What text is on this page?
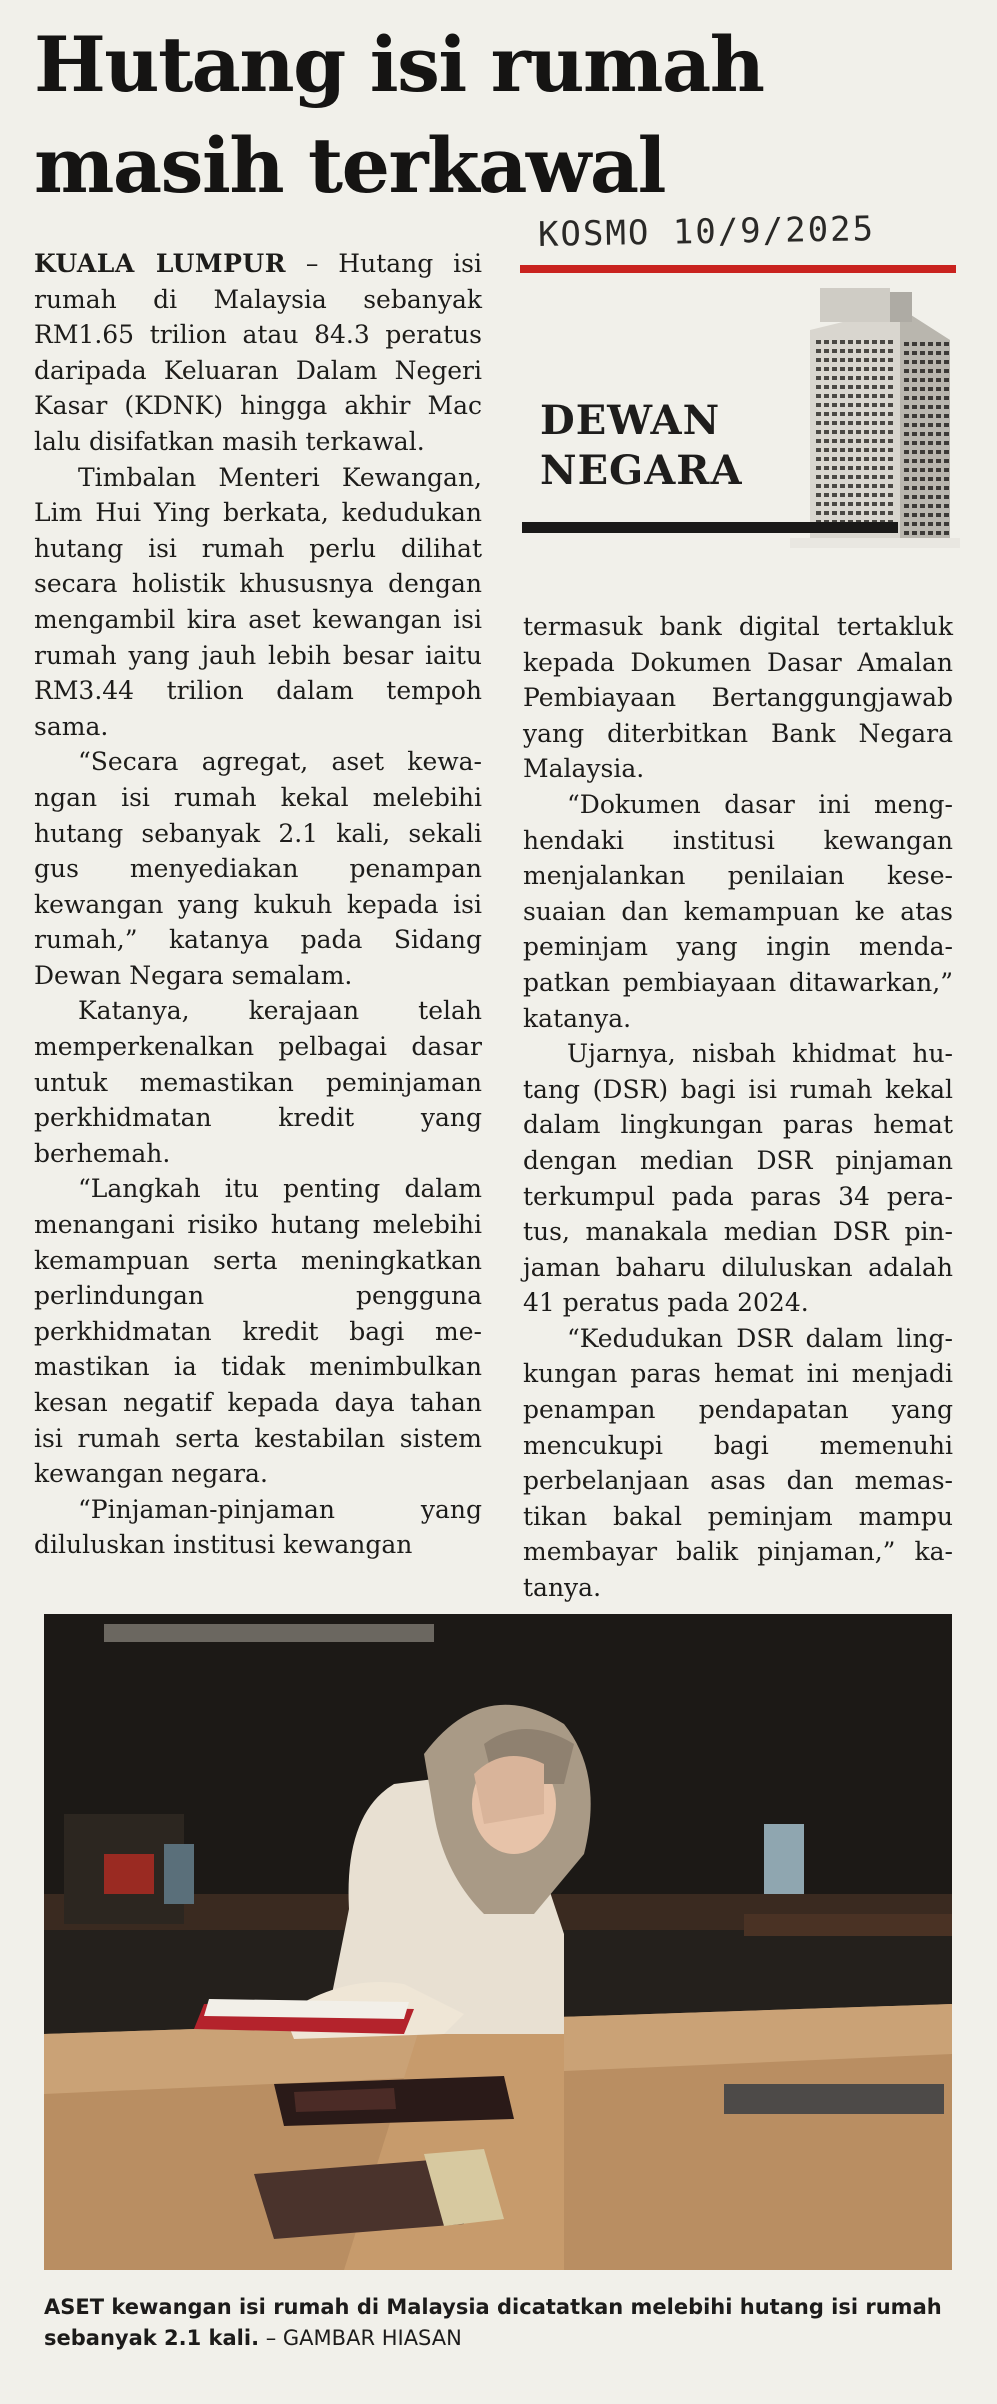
Hutang isi rumah
masih terkawal
KOSMO 10/9/2025
DEWAN
NEGARA

KUALA LUMPUR – Hutang isi rumah di Malaysia sebanyak RM1.65 trilion atau 84.3 peratus daripada Keluaran Dalam Negeri Kasar (KDNK) hingga akhir Mac lalu disifatkan masih terkawal.

Timbalan Menteri Kewangan, Lim Hui Ying berkata, kedudukan hutang isi rumah perlu dilihat secara holistik khususnya dengan mengambil kira aset kewangan isi rumah yang jauh lebih besar iaitu RM3.44 trilion dalam tempoh sama.

“Secara agregat, aset kewangan isi rumah kekal melebihi hutang sebanyak 2.1 kali, sekali gus menyediakan penampan kewangan yang kukuh kepada isi rumah,” katanya pada Sidang Dewan Negara semalam.

Katanya, kerajaan telah memperkenalkan pelbagai dasar untuk memastikan peminjaman perkhidmatan kredit yang berhemah.

“Langkah itu penting dalam menangani risiko hutang melebihi kemampuan serta meningkatkan perlindungan pengguna perkhidmatan kredit bagi memastikan ia tidak menimbulkan kesan negatif kepada daya tahan isi rumah serta kestabilan sistem kewangan negara.

“Pinjaman-pinjaman yang diluluskan institusi kewangan

termasuk bank digital tertakluk kepada Dokumen Dasar Amalan Pembiayaan Bertanggungjawab yang diterbitkan Bank Negara Malaysia.

“Dokumen dasar ini menghendaki institusi kewangan menjalankan penilaian kesesuaian dan kemampuan ke atas peminjam yang ingin mendapatkan pembiayaan ditawarkan,” katanya.

Ujarnya, nisbah khidmat hutang (DSR) bagi isi rumah kekal dalam lingkungan paras hemat dengan median DSR pinjaman terkumpul pada paras 34 peratus, manakala median DSR pinjaman baharu diluluskan adalah 41 peratus pada 2024.

“Kedudukan DSR dalam lingkungan paras hemat ini menjadi penampan pendapatan yang mencukupi bagi memenuhi perbelanjaan asas dan memastikan bakal peminjam mampu membayar balik pinjaman,” katanya.

ASET kewangan isi rumah di Malaysia dicatatkan melebihi hutang isi rumah sebanyak 2.1 kali. – GAMBAR HIASAN
